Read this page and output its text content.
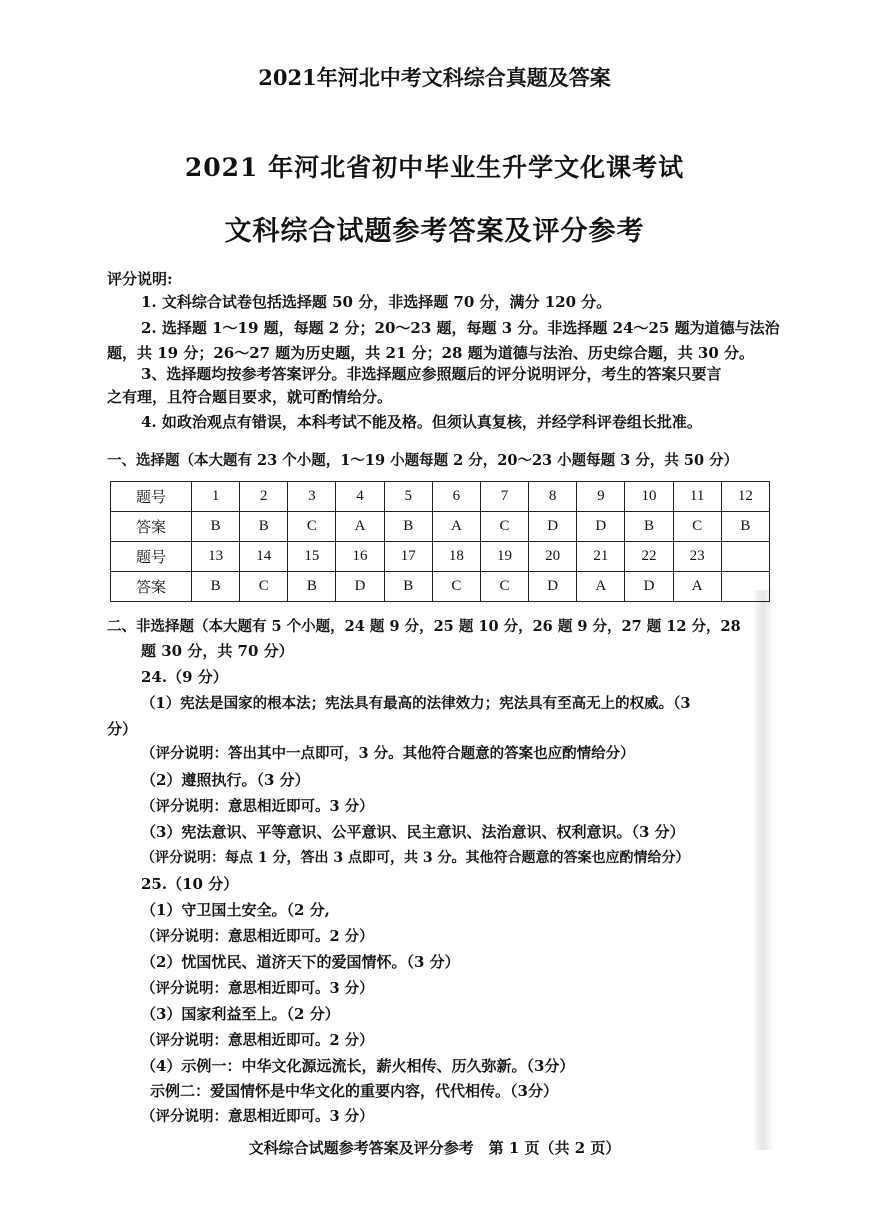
2021年河北中考文科综合真题及答案
2021 年河北省初中毕业生升学文化课考试
文科综合试题参考答案及评分参考
评分说明:
1. 文科综合试卷包括选择题 50 分，非选择题 70 分，满分 120 分。
2. 选择题 1～19 题，每题 2 分；20～23 题，每题 3 分。非选择题 24～25 题为道德与法治
题，共 19 分；26～27 题为历史题，共 21 分；28 题为道德与法治、历史综合题，共 30 分。
3、选择题均按参考答案评分。非选择题应参照题后的评分说明评分，考生的答案只要言
之有理，且符合题目要求，就可酌情给分。
4. 如政治观点有错误，本科考试不能及格。但须认真复核，并经学科评卷组长批准。
一、选择题（本大题有 23 个小题，1～19 小题每题 2 分，20～23 小题每题 3 分，共 50 分）
题号	1	2	3	4	5	6	7	8	9	10	11	12
答案	B	B	C	A	B	A	C	D	D	B	C	B
题号	13	14	15	16	17	18	19	20	21	22	23	
答案	B	C	B	D	B	C	C	D	A	D	A	
二、非选择题（本大题有 5 个小题，24 题 9 分，25 题 10 分，26 题 9 分，27 题 12 分，28
题 30 分，共 70 分）
24.（9 分）
（1）宪法是国家的根本法；宪法具有最高的法律效力；宪法具有至高无上的权威。（3
分）
（评分说明：答出其中一点即可，3 分。其他符合题意的答案也应酌情给分）
（2）遵照执行。（3 分）
（评分说明：意思相近即可。3 分）
（3）宪法意识、平等意识、公平意识、民主意识、法治意识、权利意识。（3 分）
（评分说明：每点 1 分，答出 3 点即可，共 3 分。其他符合题意的答案也应酌情给分）
25.（10 分）
（1）守卫国土安全。（2 分,
（评分说明：意思相近即可。2 分）
（2）忧国忧民、道济天下的爱国情怀。（3 分）
（评分说明：意思相近即可。3 分）
（3）国家利益至上。（2 分）
（评分说明：意思相近即可。2 分）
（4）示例一：中华文化源远流长，薪火相传、历久弥新。（3分）
示例二：爱国情怀是中华文化的重要内容，代代相传。（3分）
（评分说明：意思相近即可。3 分）
文科综合试题参考答案及评分参考　第 1 页（共 2 页）
